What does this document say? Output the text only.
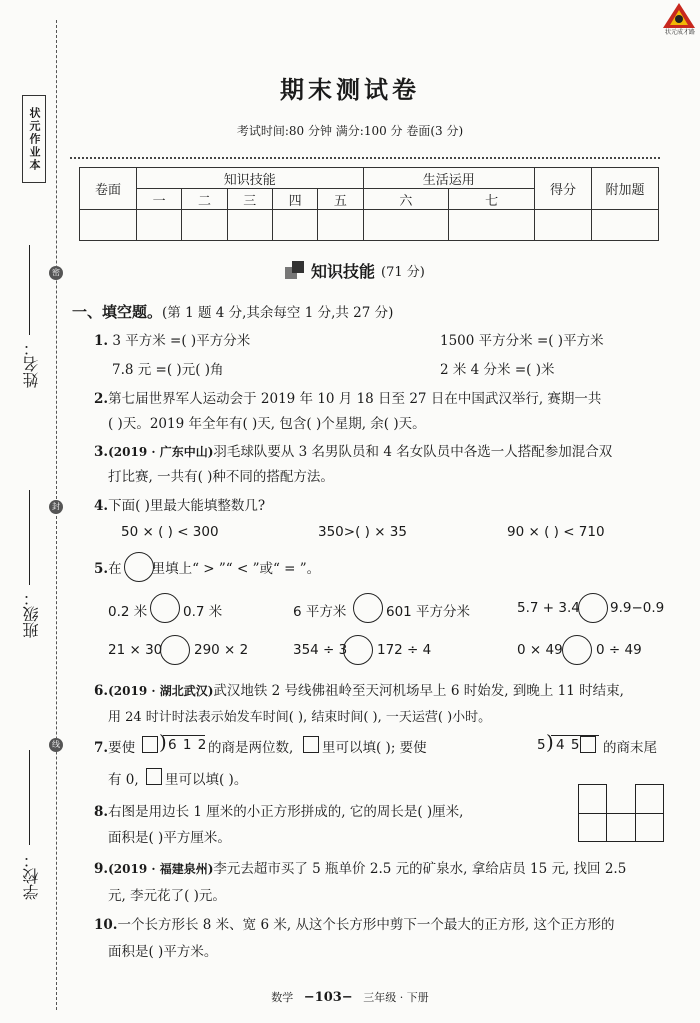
状元作业本
密
封
线
姓名：
班级：
学校：
状元成才路
期末测试卷
考试时间:80 分钟 满分:100 分 卷面(3 分)
卷面	知识技能					生活运用		得分	附加题
	一	二	三	四	五	六	七		

知识技能 (71 分)
一、填空题。(第 1 题 4 分,其余每空 1 分,共 27 分)
1. 3 平方米 =( )平方分米	1500 平方分米 =( )平方米
7.8 元 =( )元( )角	2 米 4 分米 =( )米
2.第七届世界军人运动会于 2019 年 10 月 18 日至 27 日在中国武汉举行, 赛期一共
( )天。2019 年全年有( )天, 包含( )个星期, 余( )天。
3.(2019 · 广东中山)羽毛球队要从 3 名男队员和 4 名女队员中各选一人搭配参加混合双
打比赛, 一共有( )种不同的搭配方法。
4.下面( )里最大能填整数几?
50 × ( ) < 300	350>( ) × 35	90 × ( ) < 710
5.在 里填上“ > ”“ < ”或“ = ”。
0.2 米	0.7 米	6 平方米	601 平方分米	5.7 + 3.4 9.9−0.9
21 × 30 290 × 2	354 ÷ 3 172 ÷ 4	0 × 49 0 ÷ 49
6.(2019 · 湖北武汉)武汉地铁 2 号线佛祖岭至天河机场早上 6 时始发, 到晚上 11 时结束,
用 24 时计时法表示始发车时间( ), 结束时间( ), 一天运营( )小时。
7.要使 ) 6 1 2 的商是两位数, 里可以填( ); 要使	5 ) 4 5 的商末尾
有 0, 里可以填( )。
8.右图是用边长 1 厘米的小正方形拼成的, 它的周长是( )厘米,
面积是( )平方厘米。
9.(2019 · 福建泉州)李元去超市买了 5 瓶单价 2.5 元的矿泉水, 拿给店员 15 元, 找回 2.5
元, 李元花了( )元。
10.一个长方形长 8 米、宽 6 米, 从这个长方形中剪下一个最大的正方形, 这个正方形的
面积是( )平方米。
数学 −103− 三年级 · 下册
